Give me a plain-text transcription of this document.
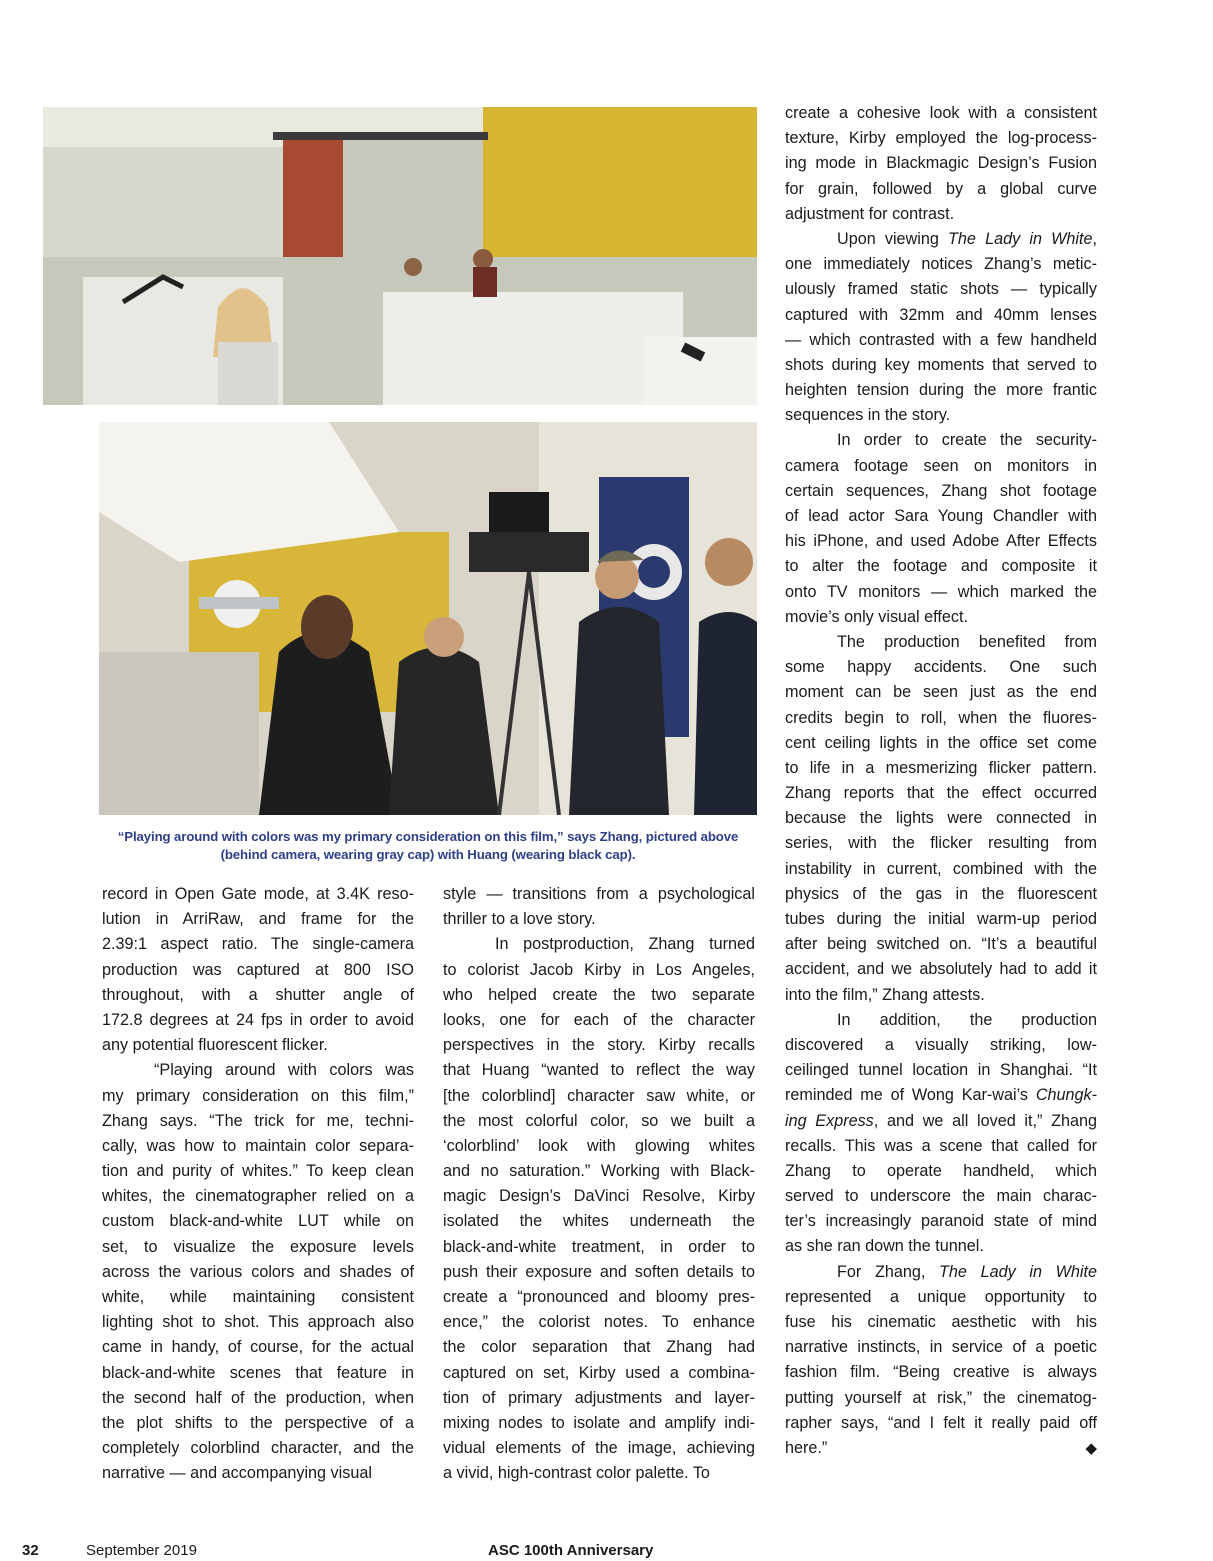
“Playing around with colors was my primary consideration on this film,” says Zhang, pictured above
(behind camera, wearing gray cap) with Huang (wearing black cap).
record in Open Gate mode, at 3.4K reso-
lution in ArriRaw, and frame for the
2.39:1 aspect ratio. The single-camera
production was captured at 800 ISO
throughout, with a shutter angle of
172.8 degrees at 24 fps in order to avoid
any potential fluorescent flicker.
“Playing around with colors was
my primary consideration on this film,”
Zhang says. “The trick for me, techni-
cally, was how to maintain color separa-
tion and purity of whites.” To keep clean
whites, the cinematographer relied on a
custom black-and-white LUT while on
set, to visualize the exposure levels
across the various colors and shades of
white, while maintaining consistent
lighting shot to shot. This approach also
came in handy, of course, for the actual
black-and-white scenes that feature in
the second half of the production, when
the plot shifts to the perspective of a
completely colorblind character, and the
narrative — and accompanying visual
style — transitions from a psychological
thriller to a love story.
In postproduction, Zhang turned
to colorist Jacob Kirby in Los Angeles,
who helped create the two separate
looks, one for each of the character
perspectives in the story. Kirby recalls
that Huang “wanted to reflect the way
[the colorblind] character saw white, or
the most colorful color, so we built a
‘colorblind’ look with glowing whites
and no saturation.” Working with Black-
magic Design’s DaVinci Resolve, Kirby
isolated the whites underneath the
black-and-white treatment, in order to
push their exposure and soften details to
create a “pronounced and bloomy pres-
ence,” the colorist notes. To enhance
the color separation that Zhang had
captured on set, Kirby used a combina-
tion of primary adjustments and layer-
mixing nodes to isolate and amplify indi-
vidual elements of the image, achieving
a vivid, high-contrast color palette. To
create a cohesive look with a consistent
texture, Kirby employed the log-process-
ing mode in Blackmagic Design’s Fusion
for grain, followed by a global curve
adjustment for contrast.
Upon viewing The Lady in White,
one immediately notices Zhang’s metic-
ulously framed static shots — typically
captured with 32mm and 40mm lenses
— which contrasted with a few handheld
shots during key moments that served to
heighten tension during the more frantic
sequences in the story.
In order to create the security-
camera footage seen on monitors in
certain sequences, Zhang shot footage
of lead actor Sara Young Chandler with
his iPhone, and used Adobe After Effects
to alter the footage and composite it
onto TV monitors — which marked the
movie’s only visual effect.
The production benefited from
some happy accidents. One such
moment can be seen just as the end
credits begin to roll, when the fluores-
cent ceiling lights in the office set come
to life in a mesmerizing flicker pattern.
Zhang reports that the effect occurred
because the lights were connected in
series, with the flicker resulting from
instability in current, combined with the
physics of the gas in the fluorescent
tubes during the initial warm-up period
after being switched on. “It’s a beautiful
accident, and we absolutely had to add it
into the film,” Zhang attests.
In addition, the production
discovered a visually striking, low-
ceilinged tunnel location in Shanghai. “It
reminded me of Wong Kar-wai’s Chungk-
ing Express, and we all loved it,” Zhang
recalls. This was a scene that called for
Zhang to operate handheld, which
served to underscore the main charac-
ter’s increasingly paranoid state of mind
as she ran down the tunnel.
For Zhang, The Lady in White
represented a unique opportunity to
fuse his cinematic aesthetic with his
narrative instincts, in service of a poetic
fashion film. “Being creative is always
putting yourself at risk,” the cinematog-
rapher says, “and I felt it really paid off
here.”	◆
32	September 2019	ASC 100th Anniversary
